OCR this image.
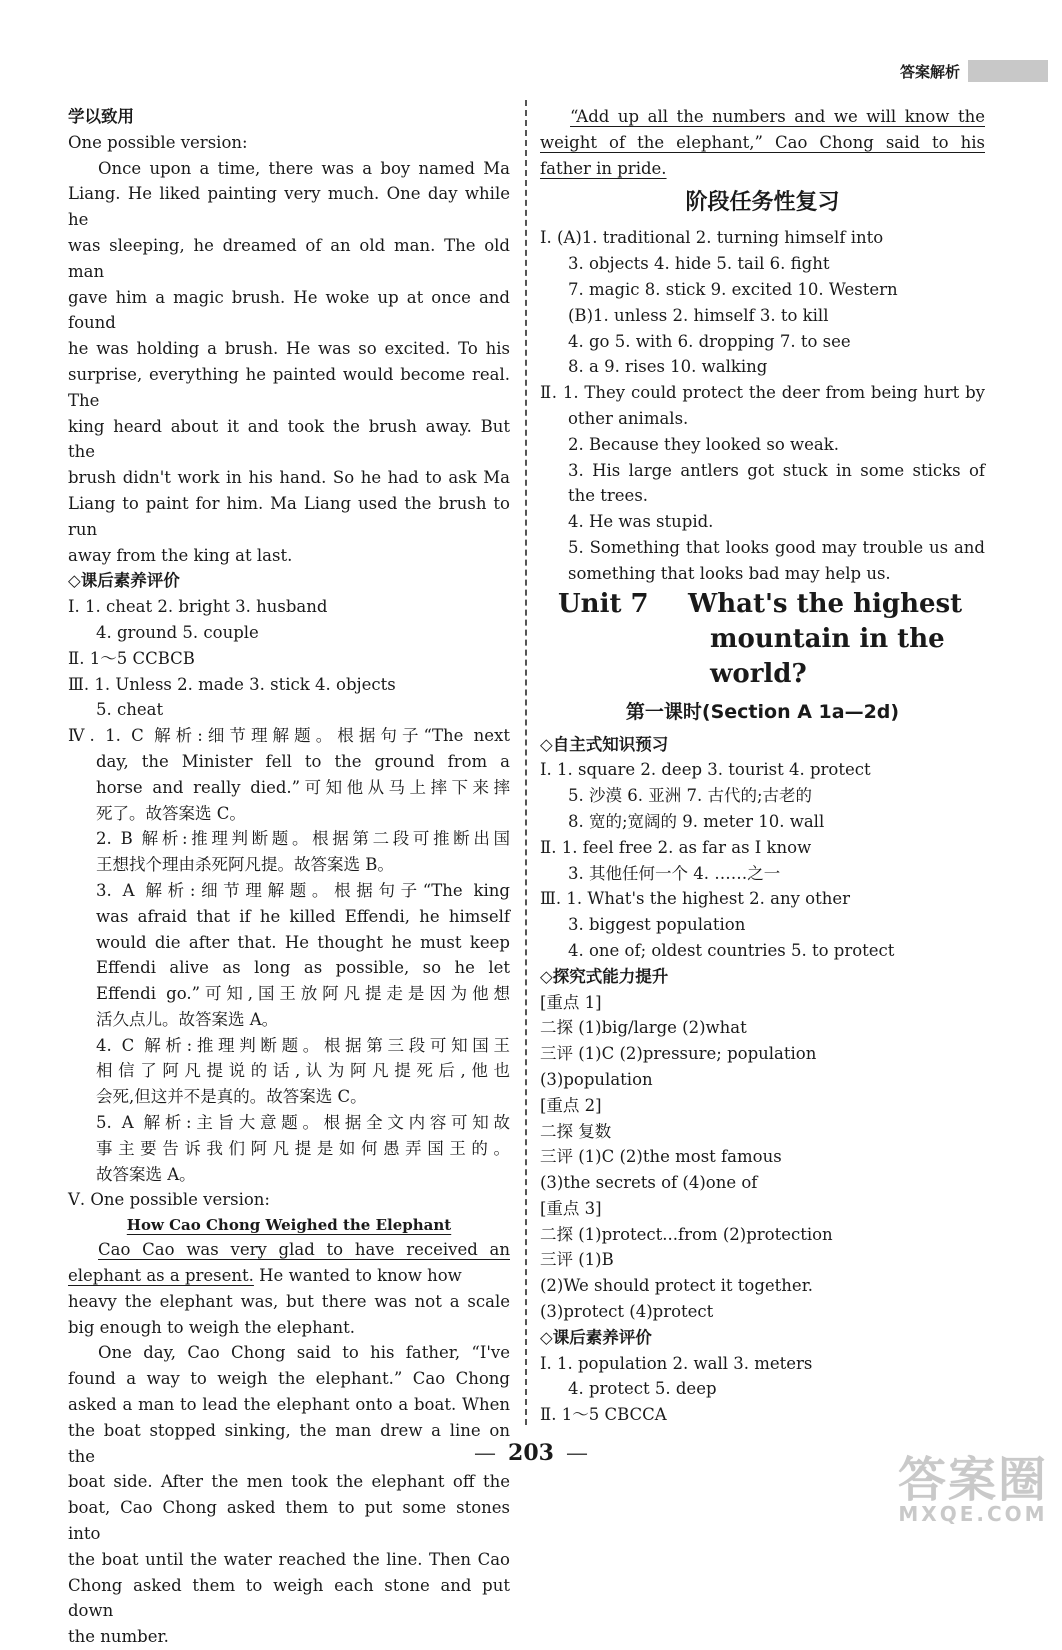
答案解析
学以致用
One possible version:
Once upon a time, there was a boy named Ma
Liang. He liked painting very much. One day while he
was sleeping, he dreamed of an old man. The old man
gave him a magic brush. He woke up at once and found
he was holding a brush. He was so excited. To his
surprise, everything he painted would become real. The
king heard about it and took the brush away. But the
brush didn't work in his hand. So he had to ask Ma
Liang to paint for him. Ma Liang used the brush to run
away from the king at last.
◇课后素养评价
Ⅰ. 1. cheat 2. bright 3. husband
4. ground 5. couple
Ⅱ. 1～5 CCBCB
Ⅲ. 1. Unless 2. made 3. stick 4. objects
5. cheat
Ⅳ. 1. C 解析:细节理解题。根据句子“The next
day, the Minister fell to the ground from a
horse and really died.”可知他从马上摔下来摔
死了。故答案选 C。
2. B 解析:推理判断题。根据第二段可推断出国
王想找个理由杀死阿凡提。故答案选 B。
3. A 解析:细节理解题。根据句子“The king
was afraid that if he killed Effendi, he himself
would die after that. He thought he must keep
Effendi alive as long as possible, so he let
Effendi go.”可知,国王放阿凡提走是因为他想
活久点儿。故答案选 A。
4. C 解析:推理判断题。根据第三段可知国王
相信了阿凡提说的话,认为阿凡提死后,他也
会死,但这并不是真的。故答案选 C。
5. A 解析:主旨大意题。根据全文内容可知故
事主要告诉我们阿凡提是如何愚弄国王的。
故答案选 A。
Ⅴ. One possible version:
How Cao Chong Weighed the Elephant
Cao Cao was very glad to have received an
elephant as a present. He wanted to know how
heavy the elephant was, but there was not a scale
big enough to weigh the elephant.
One day, Cao Chong said to his father, “I've
found a way to weigh the elephant.” Cao Chong
asked a man to lead the elephant onto a boat. When
the boat stopped sinking, the man drew a line on the
boat side. After the men took the elephant off the
boat, Cao Chong asked them to put some stones into
the boat until the water reached the line. Then Cao
Chong asked them to weigh each stone and put down
the number.
“Add up all the numbers and we will know the
weight of the elephant,” Cao Chong said to his
father in pride.
阶段任务性复习
Ⅰ. (A)1. traditional 2. turning himself into
3. objects 4. hide 5. tail 6. fight
7. magic 8. stick 9. excited 10. Western
(B)1. unless 2. himself 3. to kill
4. go 5. with 6. dropping 7. to see
8. a 9. rises 10. walking
Ⅱ. 1. They could protect the deer from being hurt by
other animals.
2. Because they looked so weak.
3. His large antlers got stuck in some sticks of
the trees.
4. He was stupid.
5. Something that looks good may trouble us and
something that looks bad may help us.
Unit 7 What's the highest
mountain in the
world?
第一课时(Section A 1a—2d)
◇自主式知识预习
Ⅰ. 1. square 2. deep 3. tourist 4. protect
5. 沙漠 6. 亚洲 7. 古代的;古老的
8. 宽的;宽阔的 9. meter 10. wall
Ⅱ. 1. feel free 2. as far as I know
3. 其他任何一个 4. ……之一
Ⅲ. 1. What's the highest 2. any other
3. biggest population
4. one of; oldest countries 5. to protect
◇探究式能力提升
[重点 1]
二探 (1)big/large (2)what
三评 (1)C (2)pressure; population
(3)population
[重点 2]
二探 复数
三评 (1)C (2)the most famous
(3)the secrets of (4)one of
[重点 3]
二探 (1)protect...from (2)protection
三评 (1)B
(2)We should protect it together.
(3)protect (4)protect
◇课后素养评价
Ⅰ. 1. population 2. wall 3. meters
4. protect 5. deep
Ⅱ. 1～5 CBCCA
— 203 —	答案圈
MXQE.COM
